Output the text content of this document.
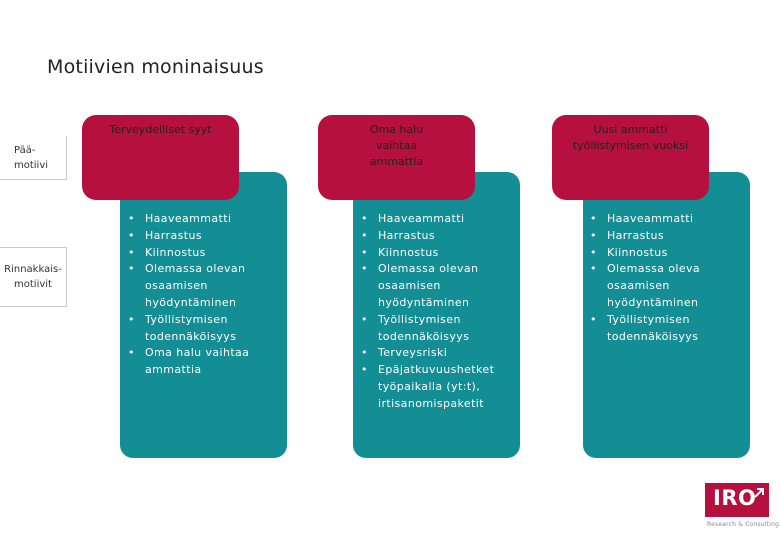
Motiivien moninaisuus
Pää-
motiivi
Rinnakkais-
motiivit
Terveydelliset syyt
• Haaveammatti
• Harrastus
• Kiinnostus
• Olemassa olevan osaamisen hyödyntäminen
• Työllistymisen todennäköisyys
• Oma halu vaihtaa ammattia
Oma halu vaihtaa ammattia
• Haaveammatti
• Harrastus
• Kiinnostus
• Olemassa olevan osaamisen hyödyntäminen
• Työllistymisen todennäköisyys
• Terveysriski
• Epäjatkuvuushetket työpaikalla (yt:t), irtisanomispaketit
Uusi ammatti työllistymisen vuoksi
• Haaveammatti
• Harrastus
• Kiinnostus
• Olemassa oleva osaamisen hyödyntäminen
• Työllistymisen todennäköisyys
IRO
Research & Consulting
